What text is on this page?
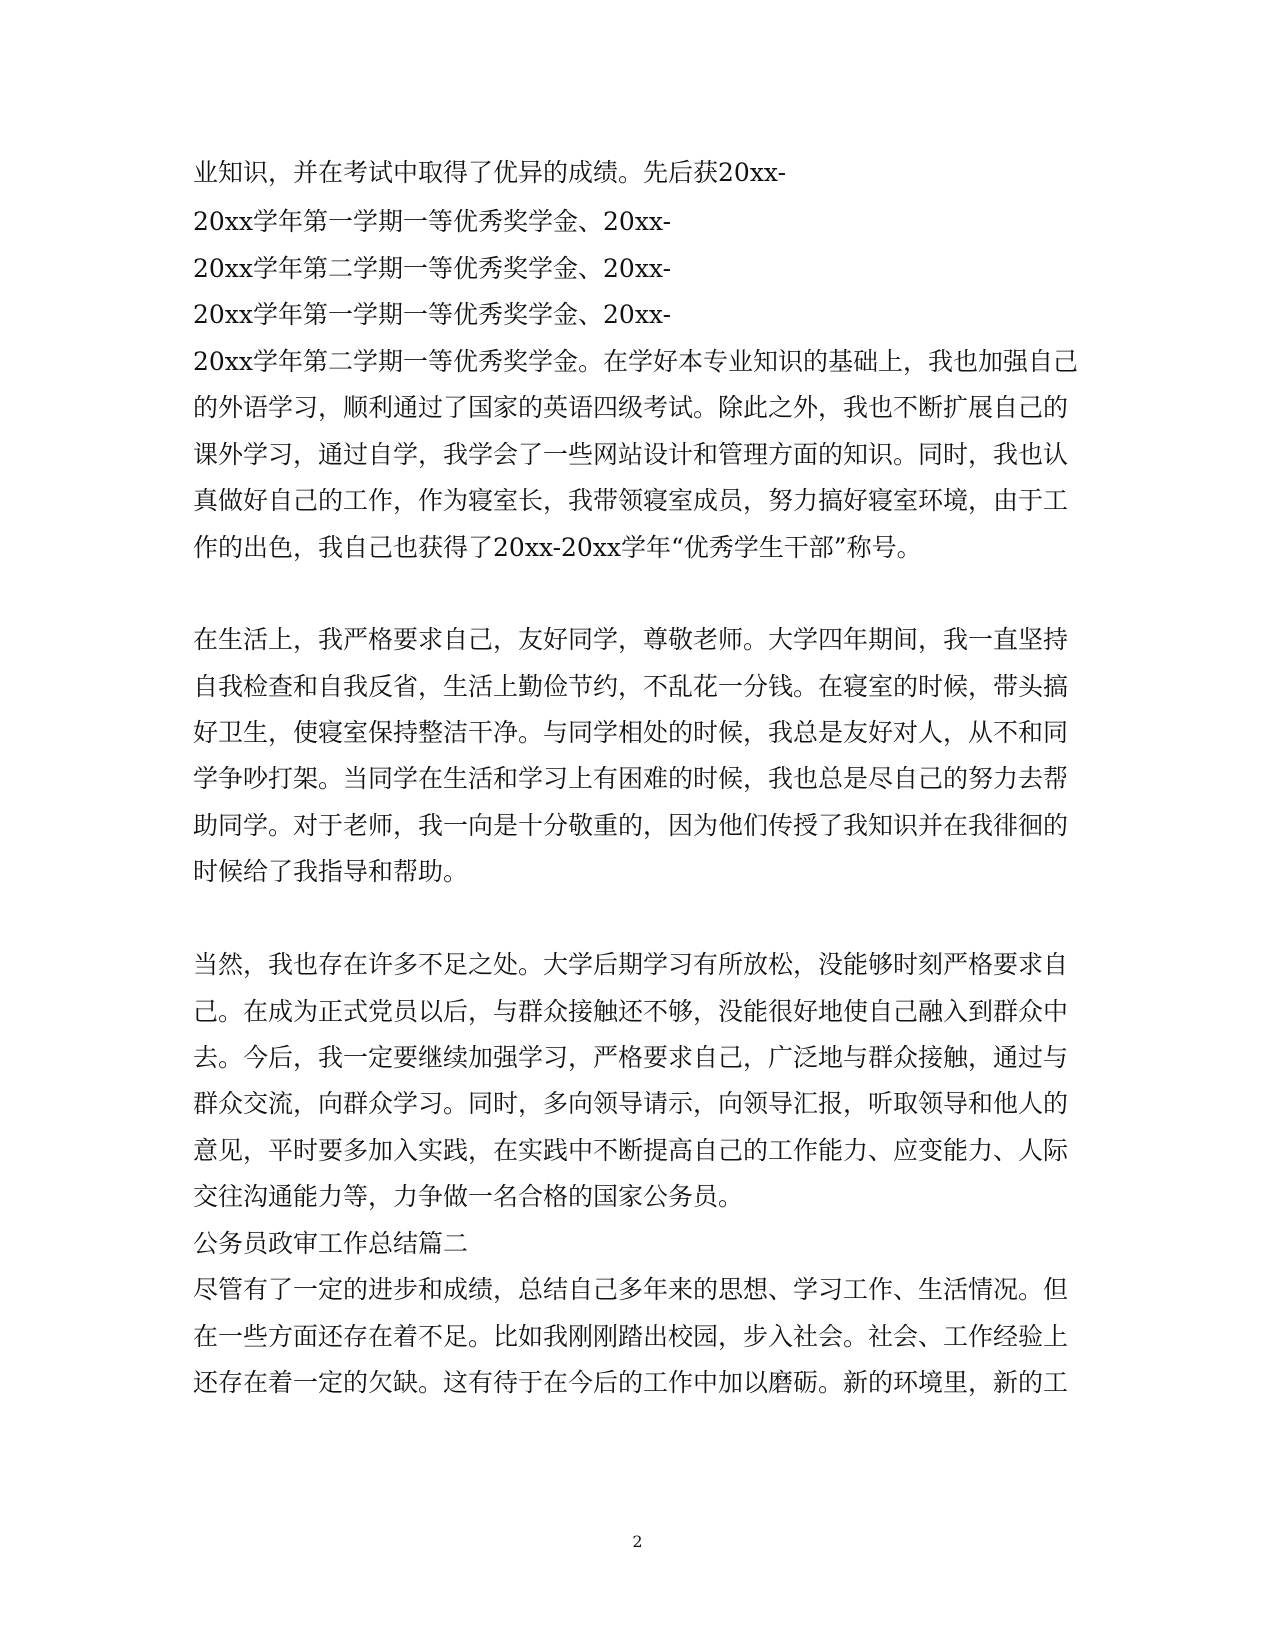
业知识，并在考试中取得了优异的成绩。先后获20xx-
20xx学年第一学期一等优秀奖学金、20xx-
20xx学年第二学期一等优秀奖学金、20xx-
20xx学年第一学期一等优秀奖学金、20xx-
20xx学年第二学期一等优秀奖学金。在学好本专业知识的基础上，我也加强自己
的外语学习，顺利通过了国家的英语四级考试。除此之外，我也不断扩展自己的
课外学习，通过自学，我学会了一些网站设计和管理方面的知识。同时，我也认
真做好自己的工作，作为寝室长，我带领寝室成员，努力搞好寝室环境，由于工
作的出色，我自己也获得了20xx-20xx学年“优秀学生干部”称号。
在生活上，我严格要求自己，友好同学，尊敬老师。大学四年期间，我一直坚持
自我检查和自我反省，生活上勤俭节约，不乱花一分钱。在寝室的时候，带头搞
好卫生，使寝室保持整洁干净。与同学相处的时候，我总是友好对人，从不和同
学争吵打架。当同学在生活和学习上有困难的时候，我也总是尽自己的努力去帮
助同学。对于老师，我一向是十分敬重的，因为他们传授了我知识并在我徘徊的
时候给了我指导和帮助。
当然，我也存在许多不足之处。大学后期学习有所放松，没能够时刻严格要求自
己。在成为正式党员以后，与群众接触还不够，没能很好地使自己融入到群众中
去。今后，我一定要继续加强学习，严格要求自己，广泛地与群众接触，通过与
群众交流，向群众学习。同时，多向领导请示，向领导汇报，听取领导和他人的
意见，平时要多加入实践，在实践中不断提高自己的工作能力、应变能力、人际
交往沟通能力等，力争做一名合格的国家公务员。
公务员政审工作总结篇二
尽管有了一定的进步和成绩，总结自己多年来的思想、学习工作、生活情况。但
在一些方面还存在着不足。比如我刚刚踏出校园，步入社会。社会、工作经验上
还存在着一定的欠缺。这有待于在今后的工作中加以磨砺。新的环境里，新的工
2
